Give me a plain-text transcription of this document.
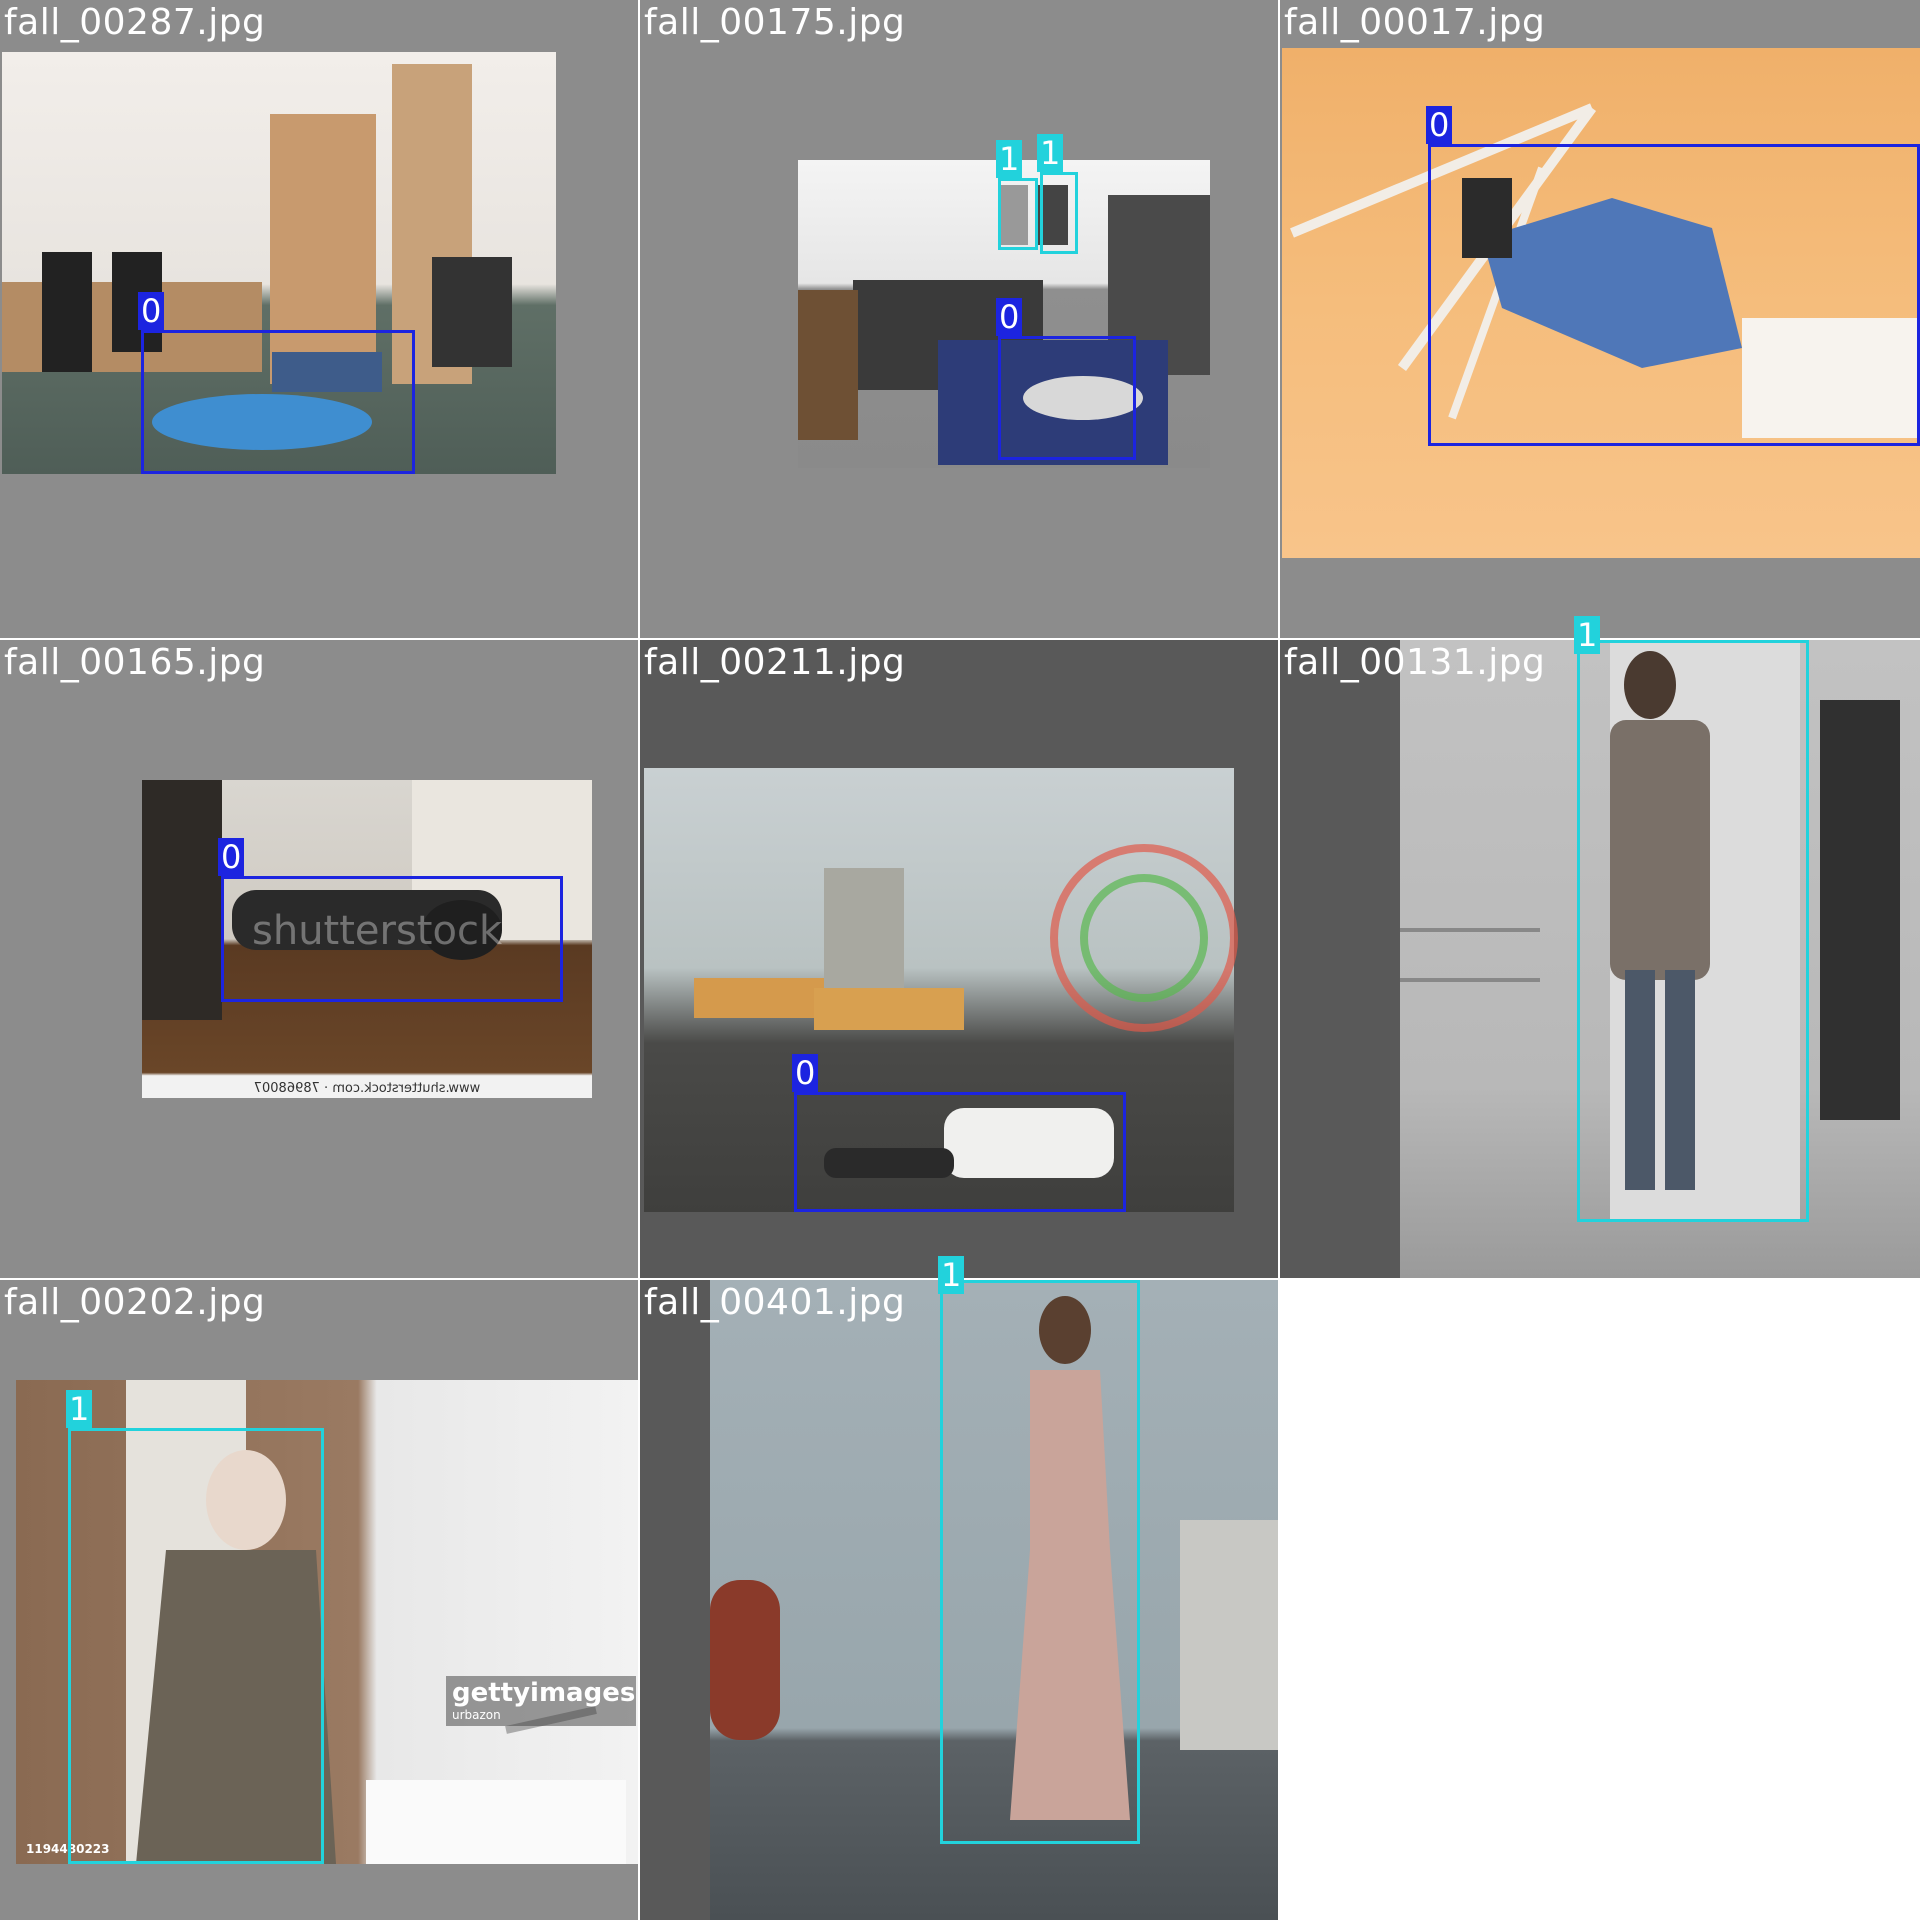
fall_00287.jpg
0
fall_00175.jpg
1 1
0
fall_00017.jpg
0
shutterstock
www.shutterstock.com · 78968007
fall_00165.jpg
0
fall_00211.jpg
0
fall_00131.jpg
1
gettyimages
urbazon
1194480223
fall_00202.jpg
1
fall_00401.jpg
1
